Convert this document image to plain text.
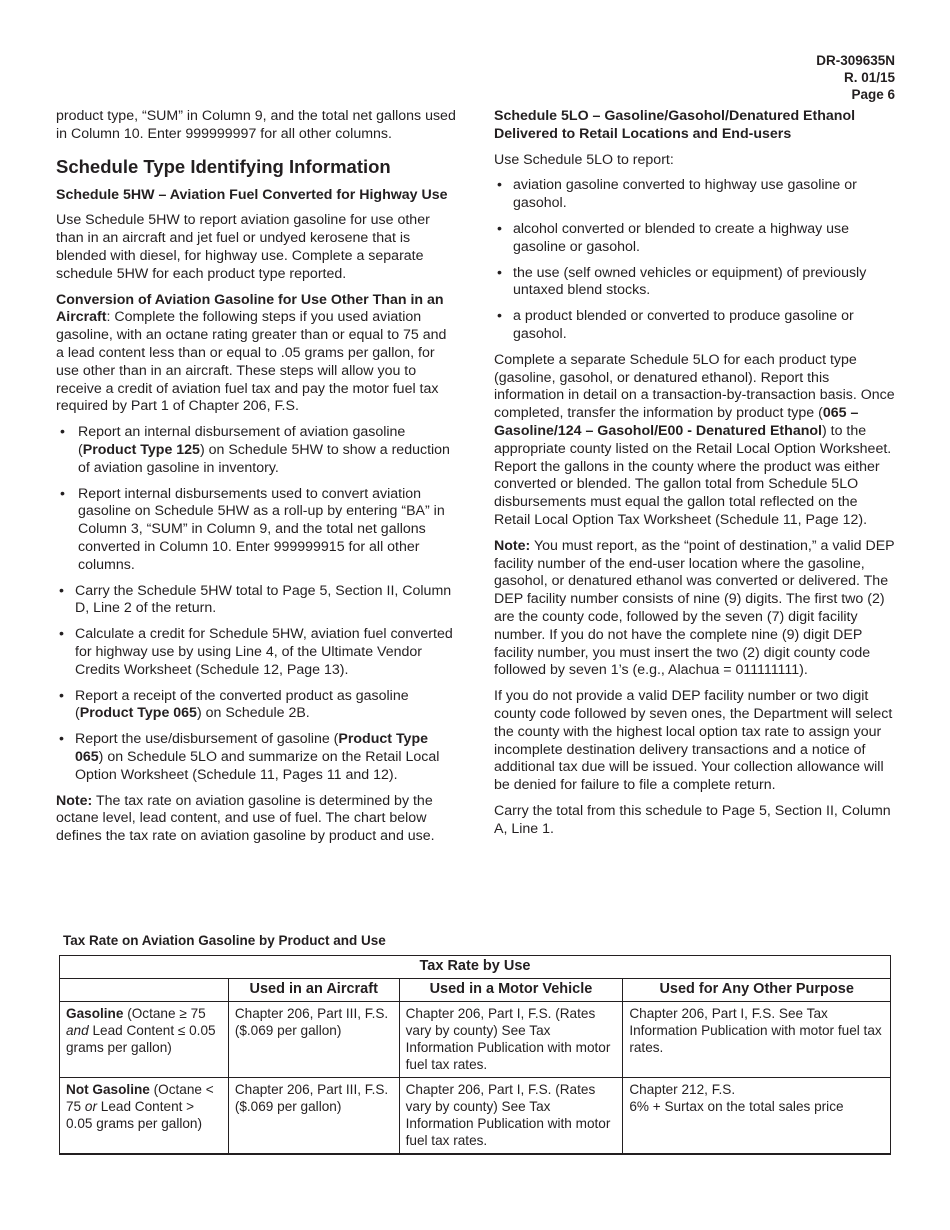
DR-309635N
R. 01/15
Page 6

product type, “SUM” in Column 9, and the total net gallons used in Column 10. Enter 999999997 for all other columns.

Schedule Type Identifying Information
Schedule 5HW – Aviation Fuel Converted for Highway Use

Use Schedule 5HW to report aviation gasoline for use other than in an aircraft and jet fuel or undyed kerosene that is blended with diesel, for highway use. Complete a separate schedule 5HW for each product type reported.

Conversion of Aviation Gasoline for Use Other Than in an Aircraft: Complete the following steps if you used aviation gasoline, with an octane rating greater than or equal to 75 and a lead content less than or equal to .05 grams per gallon, for use other than in an aircraft. These steps will allow you to receive a credit of aviation fuel tax and pay the motor fuel tax required by Part 1 of Chapter 206, F.S.

• Report an internal disbursement of aviation gasoline (Product Type 125) on Schedule 5HW to show a reduction of aviation gasoline in inventory.
• Report internal disbursements used to convert aviation gasoline on Schedule 5HW as a roll-up by entering “BA” in Column 3, “SUM” in Column 9, and the total net gallons converted in Column 10. Enter 999999915 for all other columns.
• Carry the Schedule 5HW total to Page 5, Section II, Column D, Line 2 of the return.
• Calculate a credit for Schedule 5HW, aviation fuel converted for highway use by using Line 4, of the Ultimate Vendor Credits Worksheet (Schedule 12, Page 13).
• Report a receipt of the converted product as gasoline (Product Type 065) on Schedule 2B.
• Report the use/disbursement of gasoline (Product Type 065) on Schedule 5LO and summarize on the Retail Local Option Worksheet (Schedule 11, Pages 11 and 12).

Note: The tax rate on aviation gasoline is determined by the octane level, lead content, and use of fuel. The chart below defines the tax rate on aviation gasoline by product and use.

Schedule 5LO – Gasoline/Gasohol/Denatured Ethanol Delivered to Retail Locations and End-users

Use Schedule 5LO to report:

• aviation gasoline converted to highway use gasoline or gasohol.
• alcohol converted or blended to create a highway use gasoline or gasohol.
• the use (self owned vehicles or equipment) of previously untaxed blend stocks.
• a product blended or converted to produce gasoline or gasohol.

Complete a separate Schedule 5LO for each product type (gasoline, gasohol, or denatured ethanol). Report this information in detail on a transaction-by-transaction basis. Once completed, transfer the information by product type (065 – Gasoline/124 – Gasohol/E00 - Denatured Ethanol) to the appropriate county listed on the Retail Local Option Worksheet. Report the gallons in the county where the product was either converted or blended. The gallon total from Schedule 5LO disbursements must equal the gallon total reflected on the Retail Local Option Tax Worksheet (Schedule 11, Page 12).

Note: You must report, as the “point of destination,” a valid DEP facility number of the end-user location where the gasoline, gasohol, or denatured ethanol was converted or delivered. The DEP facility number consists of nine (9) digits. The first two (2) are the county code, followed by the seven (7) digit facility number. If you do not have the complete nine (9) digit DEP facility number, you must insert the two (2) digit county code followed by seven 1’s (e.g., Alachua = 011111111).

If you do not provide a valid DEP facility number or two digit county code followed by seven ones, the Department will select the county with the highest local option tax rate to assign your incomplete destination delivery transactions and a notice of additional tax due will be issued. Your collection allowance will be denied for failure to file a complete return.

Carry the total from this schedule to Page 5, Section II, Column A, Line 1.

Tax Rate on Aviation Gasoline by Product and Use
Tax Rate by Use			
	Used in an Aircraft	Used in a Motor Vehicle	Used for Any Other Purpose
Gasoline (Octane ≥ 75 and Lead Content ≤ 0.05 grams per gallon)	Chapter 206, Part III, F.S. ($.069 per gallon)	Chapter 206, Part I, F.S. (Rates vary by county) See Tax Information Publication with motor fuel tax rates.	Chapter 206, Part I, F.S. See Tax Information Publication with motor fuel tax rates.
Not Gasoline (Octane < 75 or Lead Content > 0.05 grams per gallon)	Chapter 206, Part III, F.S. ($.069 per gallon)	Chapter 206, Part I, F.S. (Rates vary by county) See Tax Information Publication with motor fuel tax rates.	Chapter 212, F.S.
6% + Surtax on the total sales price
